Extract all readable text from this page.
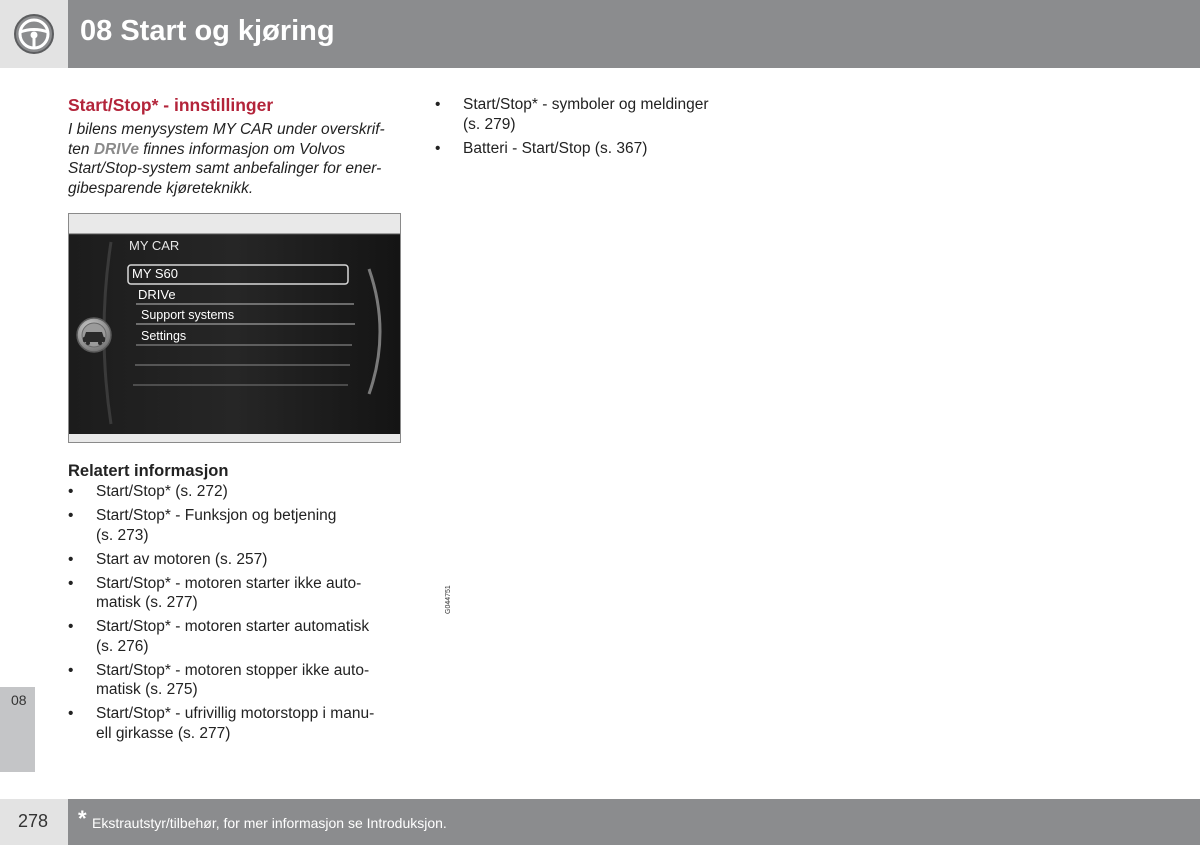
08 Start og kjøring
Start/Stop* - innstillinger
I bilens menysystem MY CAR under overskrif-
ten DRIVe finnes informasjon om Volvos
Start/Stop-system samt anbefalinger for ener-
gibesparende kjøreteknikk.
MY CAR
MY S60
DRIVe
Support systems
Settings
G044751
Relatert informasjon
• Start/Stop* (s. 272)
• Start/Stop* - Funksjon og betjening
(s. 273)
• Start av motoren (s. 257)
• Start/Stop* - motoren starter ikke auto-
matisk (s. 277)
• Start/Stop* - motoren starter automatisk
(s. 276)
• Start/Stop* - motoren stopper ikke auto-
matisk (s. 275)
• Start/Stop* - ufrivillig motorstopp i manu-
ell girkasse (s. 277)
• Start/Stop* - symboler og meldinger
(s. 279)
• Batteri - Start/Stop (s. 367)
08
278 * Ekstrautstyr/tilbehør, for mer informasjon se Introduksjon.
